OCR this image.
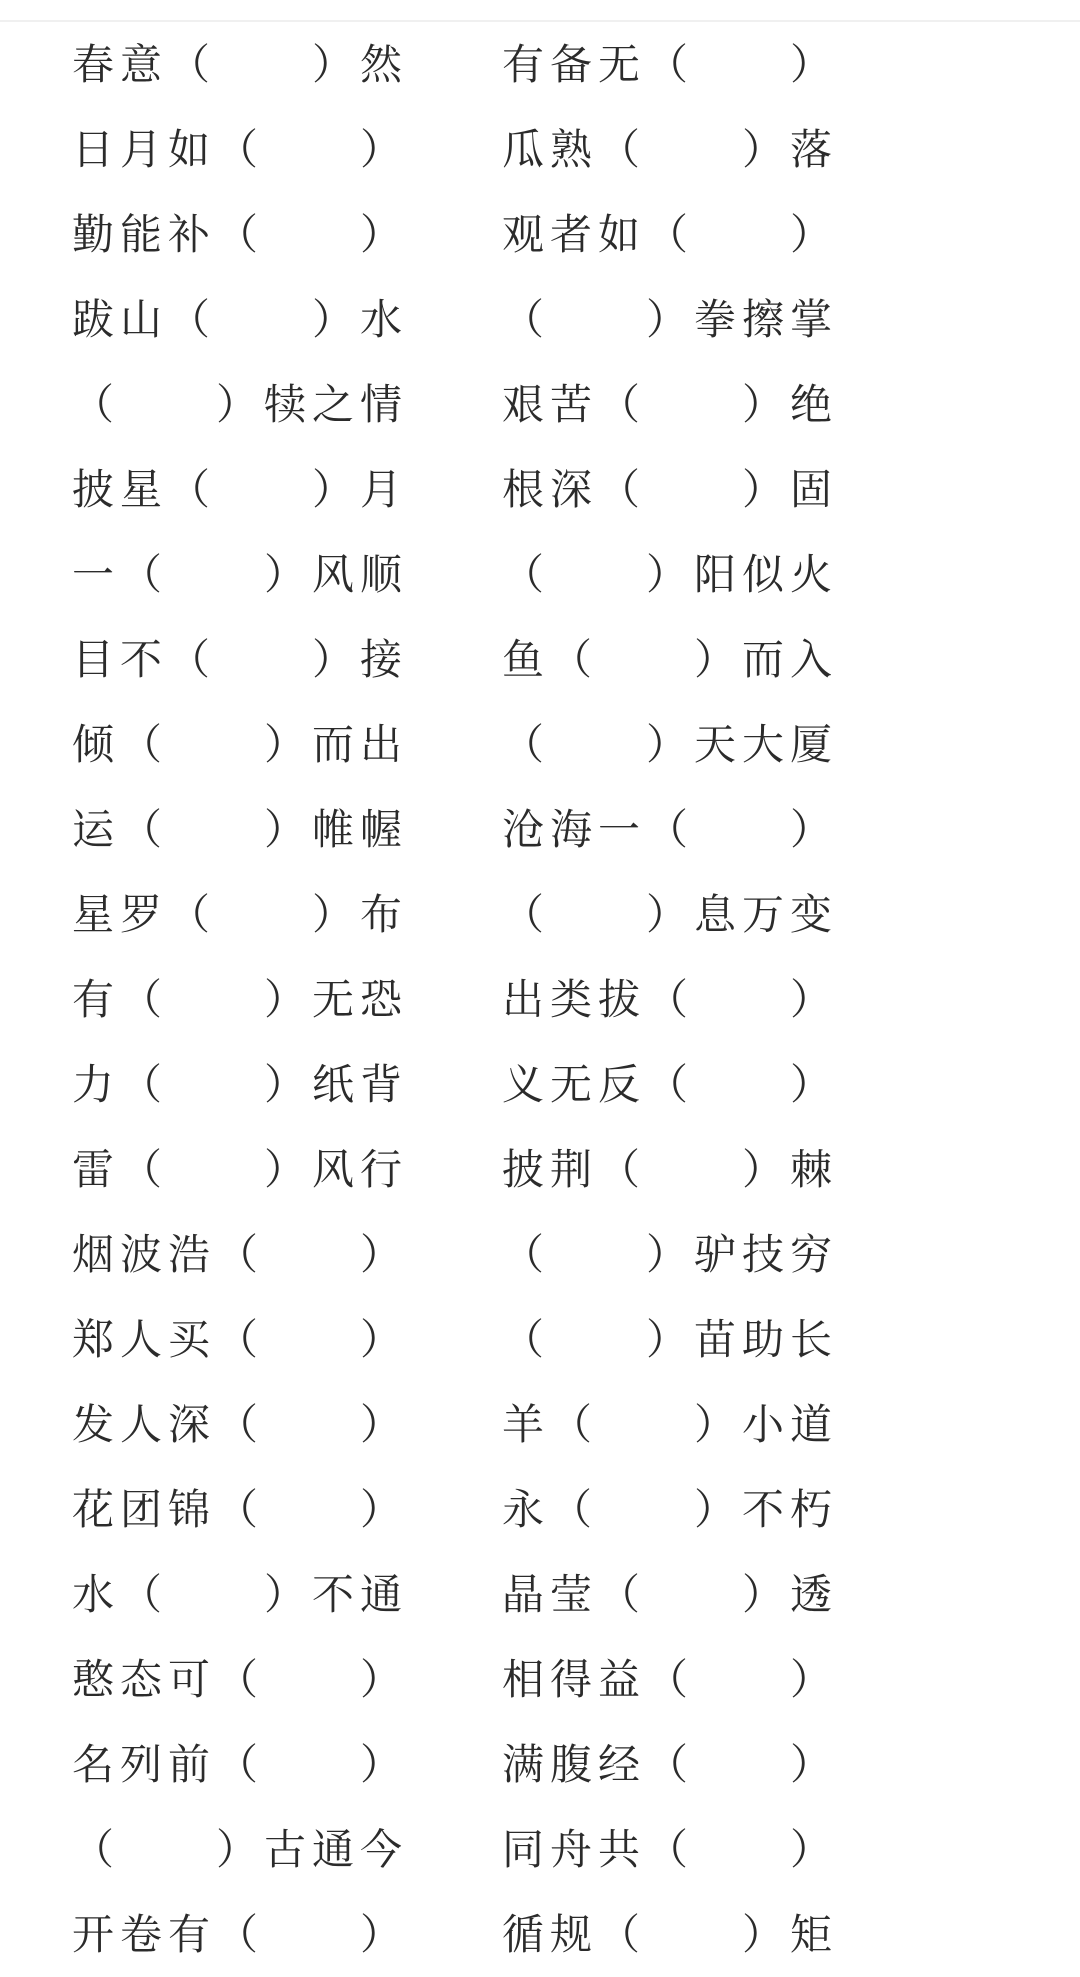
春意（　　）然 有备无（　　）
日月如（　　） 瓜熟（　　）落
勤能补（　　） 观者如（　　）
跋山（　　）水 （　　）拳擦掌
（　　）犊之情 艰苦（　　）绝
披星（　　）月 根深（　　）固
一（　　）风顺 （　　）阳似火
目不（　　）接 鱼（　　）而入
倾（　　）而出 （　　）天大厦
运（　　）帷幄 沧海一（　　）
星罗（　　）布 （　　）息万变
有（　　）无恐 出类拔（　　）
力（　　）纸背 义无反（　　）
雷（　　）风行 披荆（　　）棘
烟波浩（　　） （　　）驴技穷
郑人买（　　） （　　）苗助长
发人深（　　） 羊（　　）小道
花团锦（　　） 永（　　）不朽
水（　　）不通 晶莹（　　）透
憨态可（　　） 相得益（　　）
名列前（　　） 满腹经（　　）
（　　）古通今 同舟共（　　）
开卷有（　　） 循规（　　）矩
